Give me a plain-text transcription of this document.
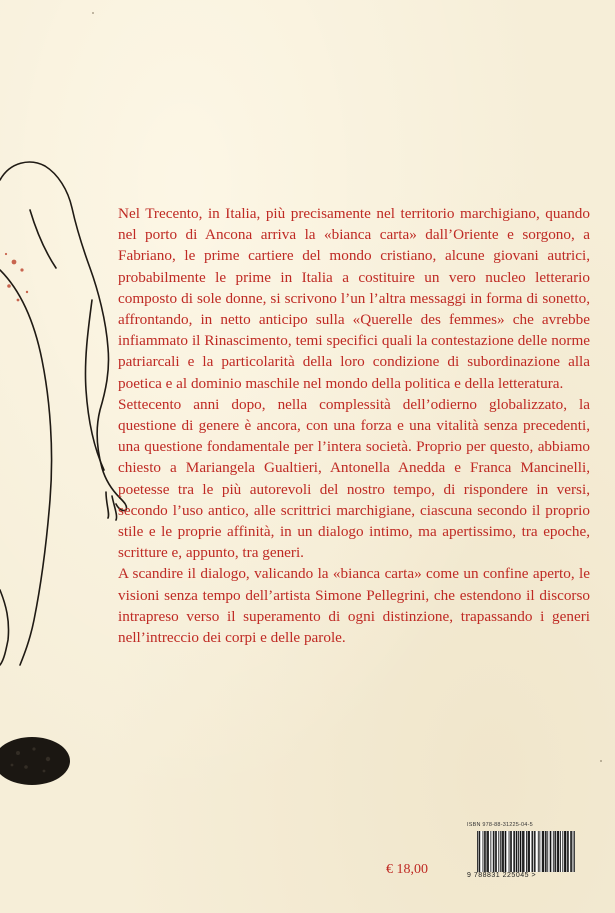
Nel Trecento, in Italia, più precisamente nel territorio marchigiano, quando nel porto di Ancona arriva la «bianca carta» dall’Oriente e sorgono, a Fabriano, le prime cartiere del mondo cristiano, alcune giovani autrici, probabilmente le prime in Italia a costituire un vero nucleo letterario composto di sole donne, si scrivono l’un l’altra messaggi in forma di sonetto, affrontando, in netto anticipo sulla «Querelle des femmes» che avrebbe infiammato il Rinascimento, temi specifici quali la contestazione delle norme patriarcali e la particolarità della loro condizione di subordinazione alla poetica e al dominio maschile nel mondo della politica e della letteratura.
Settecento anni dopo, nella complessità dell’odierno globalizzato, la questione di genere è ancora, con una forza e una vitalità senza precedenti, una questione fondamentale per l’intera società. Proprio per questo, abbiamo chiesto a Mariangela Gualtieri, Antonella Anedda e Franca Mancinelli, poetesse tra le più autorevoli del nostro tempo, di rispondere in versi, secondo l’uso antico, alle scrittrici marchigiane, ciascuna secondo il proprio stile e le proprie affinità, in un dialogo intimo, ma apertissimo, tra epoche, scritture e, appunto, tra generi.
A scandire il dialogo, valicando la «bianca carta» come un confine aperto, le visioni senza tempo dell’artista Simone Pellegrini, che estendono il discorso intrapreso verso il superamento di ogni distinzione, trapassando i generi nell’intreccio dei corpi e delle parole.
€ 18,00
ISBN 978-88-31225-04-5
9 788831 225045 >
